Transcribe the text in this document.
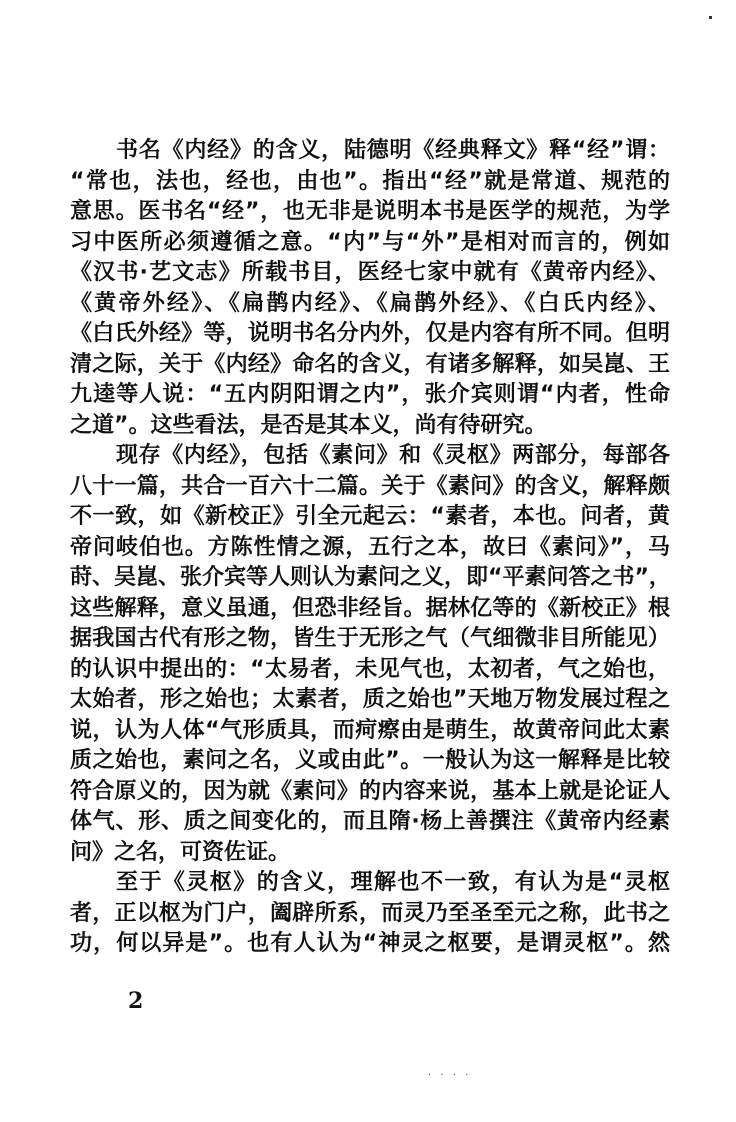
书名《内经》的含义，陆德明《经典释文》释“经”谓：
“常也，法也，经也，由也”。指出“经”就是常道、规范的
意思。医书名“经”，也无非是说明本书是医学的规范，为学
习中医所必须遵循之意。“内”与“外”是相对而言的，例如
《汉书·艺文志》所载书目，医经七家中就有《黄帝内经》、
《黄帝外经》、《扁鹊内经》、《扁鹊外经》、《白氏内经》、
《白氏外经》等，说明书名分内外，仅是内容有所不同。但明
清之际，关于《内经》命名的含义，有诸多解释，如吴崑、王
九逵等人说：“五内阴阳谓之内”，张介宾则谓“内者，性命
之道”。这些看法，是否是其本义，尚有待研究。
现存《内经》，包括《素问》和《灵枢》两部分，每部各
八十一篇，共合一百六十二篇。关于《素问》的含义，解释颇
不一致，如《新校正》引全元起云：“素者，本也。问者，黄
帝问岐伯也。方陈性情之源，五行之本，故曰《素问》”，马
莳、吴崑、张介宾等人则认为素问之义，即“平素问答之书”，
这些解释，意义虽通，但恐非经旨。据林亿等的《新校正》根
据我国古代有形之物，皆生于无形之气（气细微非目所能见）
的认识中提出的：“太易者，未见气也，太初者，气之始也，
太始者，形之始也；太素者，质之始也”天地万物发展过程之
说，认为人体“气形质具，而疴瘵由是萌生，故黄帝问此太素
质之始也，素问之名，义或由此”。一般认为这一解释是比较
符合原义的，因为就《素问》的内容来说，基本上就是论证人
体气、形、质之间变化的，而且隋·杨上善撰注《黄帝内经素
问》之名，可资佐证。
至于《灵枢》的含义，理解也不一致，有认为是“灵枢
者，正以枢为门户，阖辟所系，而灵乃至圣至元之称，此书之
功，何以异是”。也有人认为“神灵之枢要，是谓灵枢”。然
2
· · · ·
